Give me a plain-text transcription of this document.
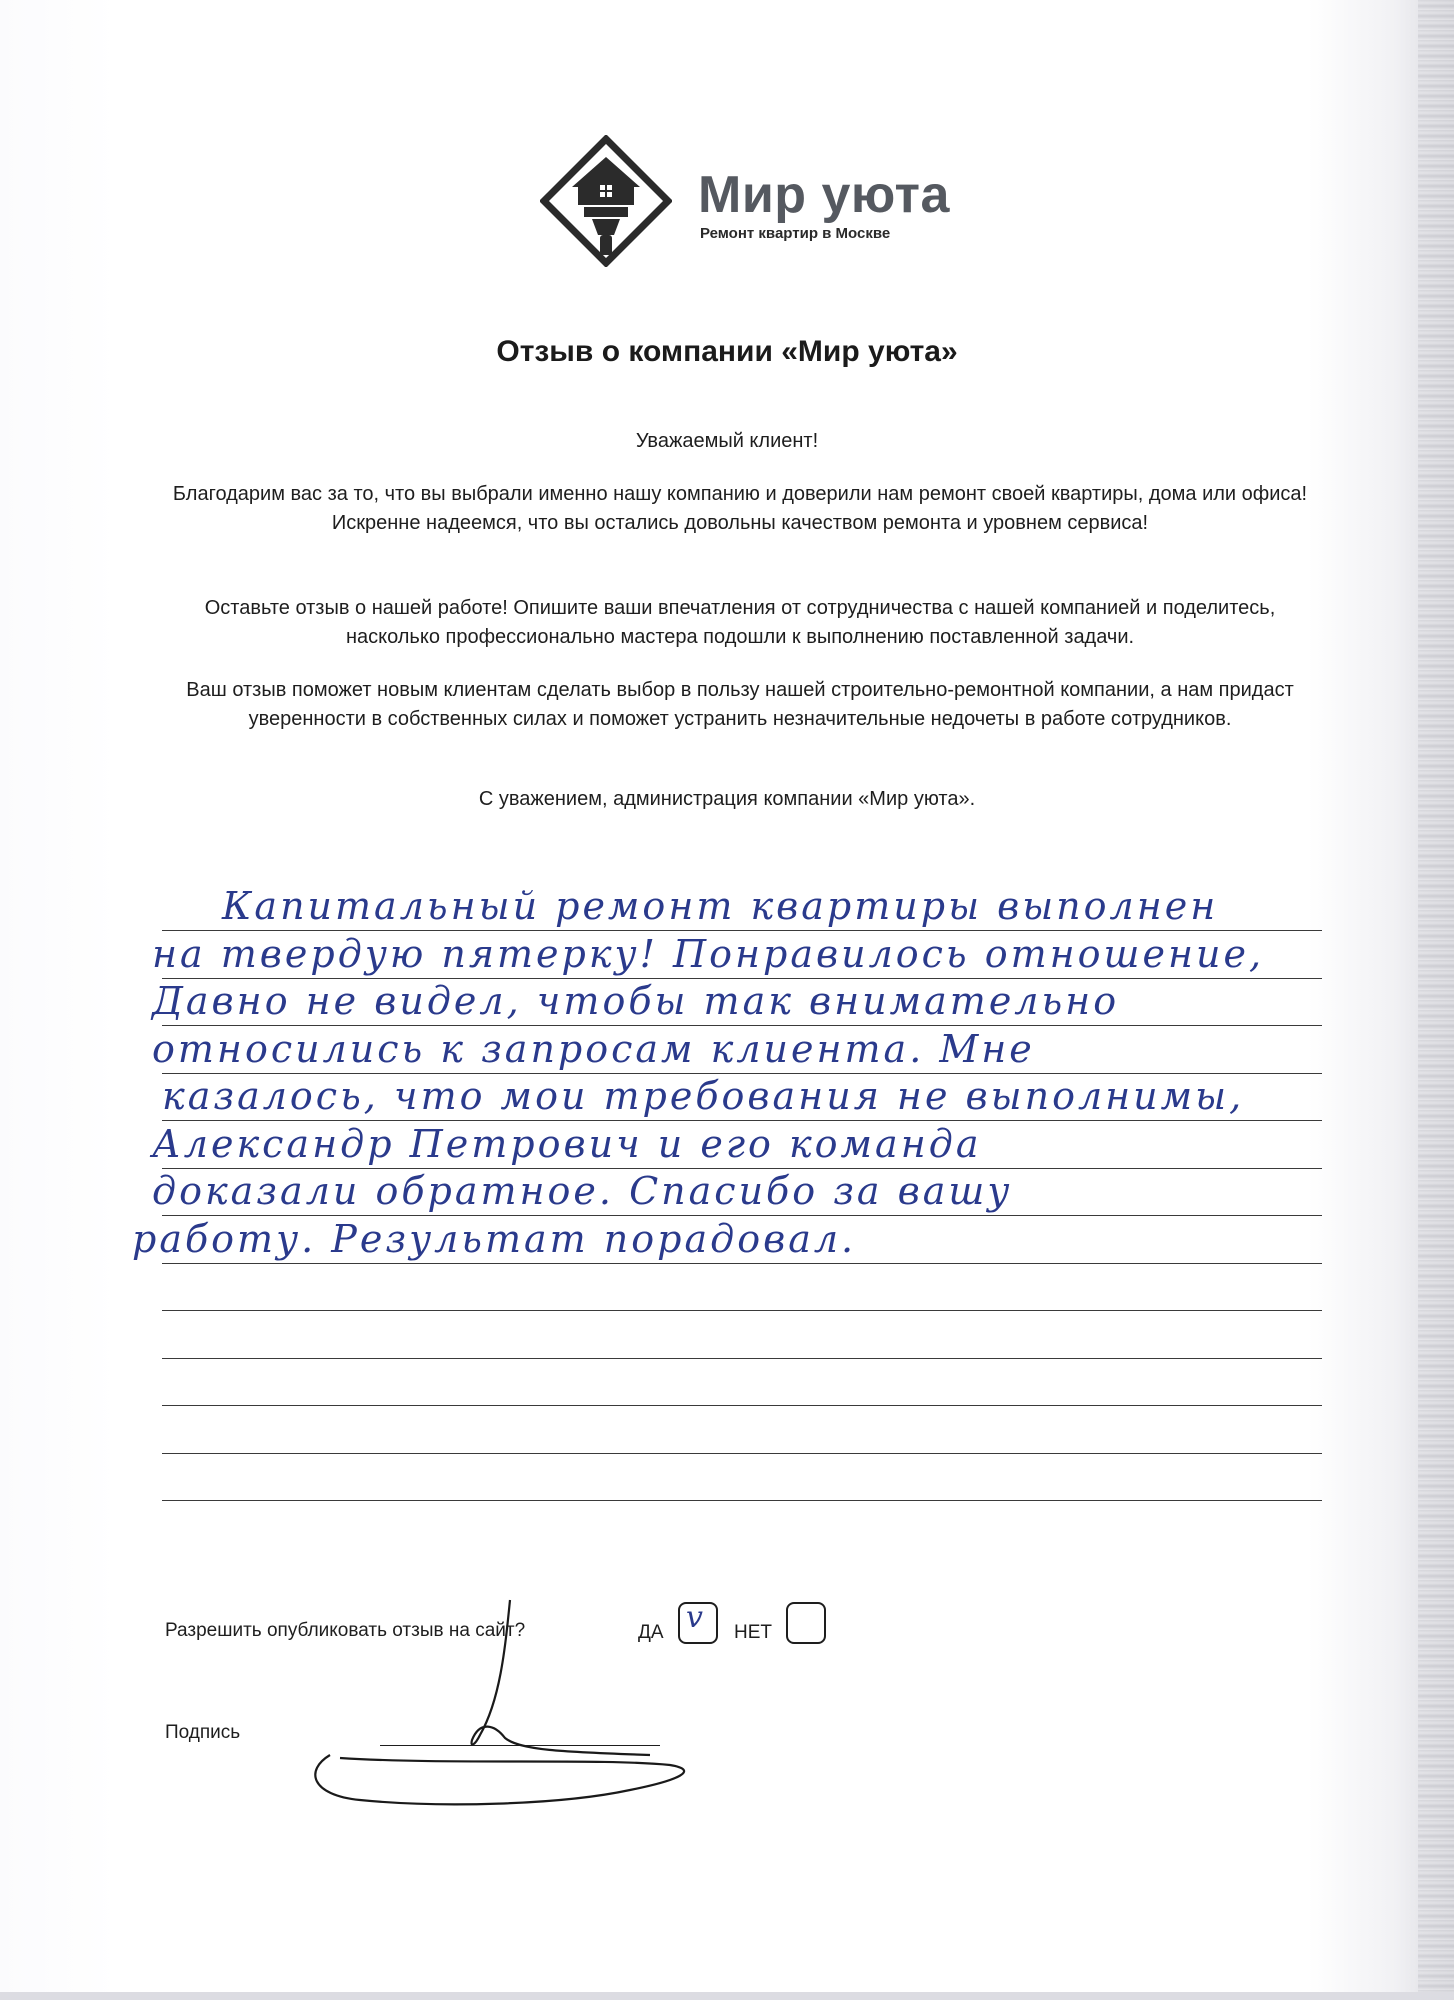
Мир уюта
Ремонт квартир в Москве
Отзыв о компании «Мир уюта»
Уважаемый клиент!
Благодарим вас за то, что вы выбрали именно нашу компанию и доверили нам ремонт своей квартиры, дома или офиса! Искренне надеемся, что вы остались довольны качеством ремонта и уровнем сервиса!
Оставьте отзыв о нашей работе! Опишите ваши впечатления от сотрудничества с нашей компанией и поделитесь, насколько профессионально мастера подошли к выполнению поставленной задачи.
Ваш отзыв поможет новым клиентам сделать выбор в пользу нашей строительно-ремонтной компании, а нам придаст уверенности в собственных силах и поможет устранить незначительные недочеты в работе сотрудников.
С уважением, администрация компании «Мир уюта».
Капитальный ремонт квартиры выполнен
на твердую пятерку! Понравилось отношение,
Давно не видел, чтобы так внимательно
относились к запросам клиента. Мне
казалось, что мои требования не выполнимы,
Александр Петрович и его команда
доказали обратное. Спасибо за вашу
работу. Результат порадовал.
Разрешить опубликовать отзыв на сайт?	ДА v НЕТ
Подпись
